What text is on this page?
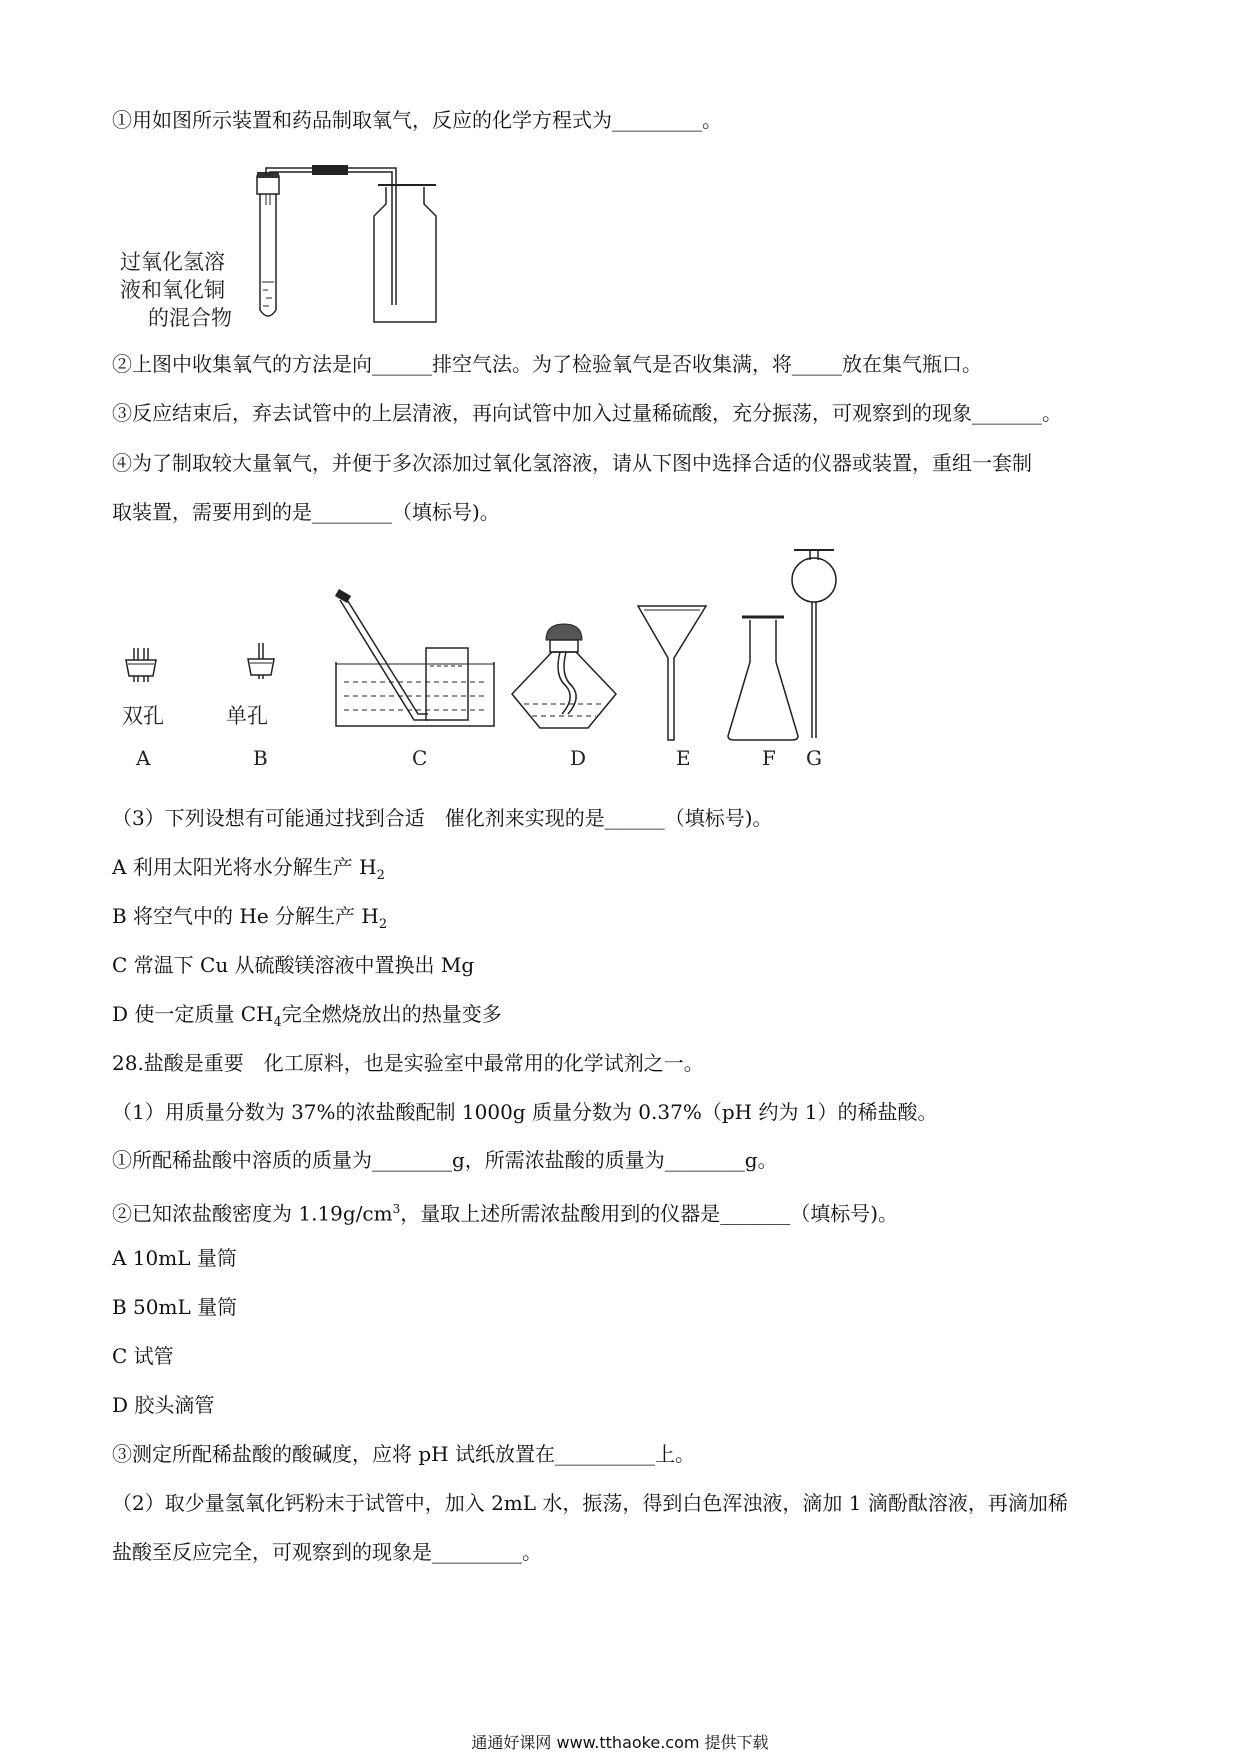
①用如图所示装置和药品制取氧气，反应的化学方程式为_________。
过氧化氢溶
液和氧化铜
的混合物
②上图中收集氧气的方法是向______排空气法。为了检验氧气是否收集满，将_____放在集气瓶口。
③反应结束后，弃去试管中的上层清液，再向试管中加入过量稀硫酸，充分振荡，可观察到的现象_______。
④为了制取较大量氧气，并便于多次添加过氧化氢溶液，请从下图中选择合适的仪器或装置，重组一套制
取装置，需要用到的是________（填标号)。
双孔	单孔
A	B	C	D	E	F G
（3）下列设想有可能通过找到合适　催化剂来实现的是______（填标号)。
A 利用太阳光将水分解生产 $H_2$
B 将空气中的 He 分解生产 $H_2$
C 常温下 Cu 从硫酸镁溶液中置换出 Mg
D 使一定质量 $CH_4$完全燃烧放出的热量变多
28.盐酸是重要　化工原料，也是实验室中最常用的化学试剂之一。
（1）用质量分数为 37%的浓盐酸配制 1000g 质量分数为 0.37%（pH 约为 1）的稀盐酸。
①所配稀盐酸中溶质的质量为________g，所需浓盐酸的质量为________g。
②已知浓盐酸密度为 $1.19g/cm^3$，量取上述所需浓盐酸用到的仪器是_______（填标号)。
A 10mL 量筒
B 50mL 量筒
C 试管
D 胶头滴管
③测定所配稀盐酸的酸碱度，应将 pH 试纸放置在__________上。
（2）取少量氢氧化钙粉末于试管中，加入 2mL 水，振荡，得到白色浑浊液，滴加 1 滴酚酞溶液，再滴加稀
盐酸至反应完全，可观察到的现象是_________。
通通好课网 www.tthaoke.com 提供下载
